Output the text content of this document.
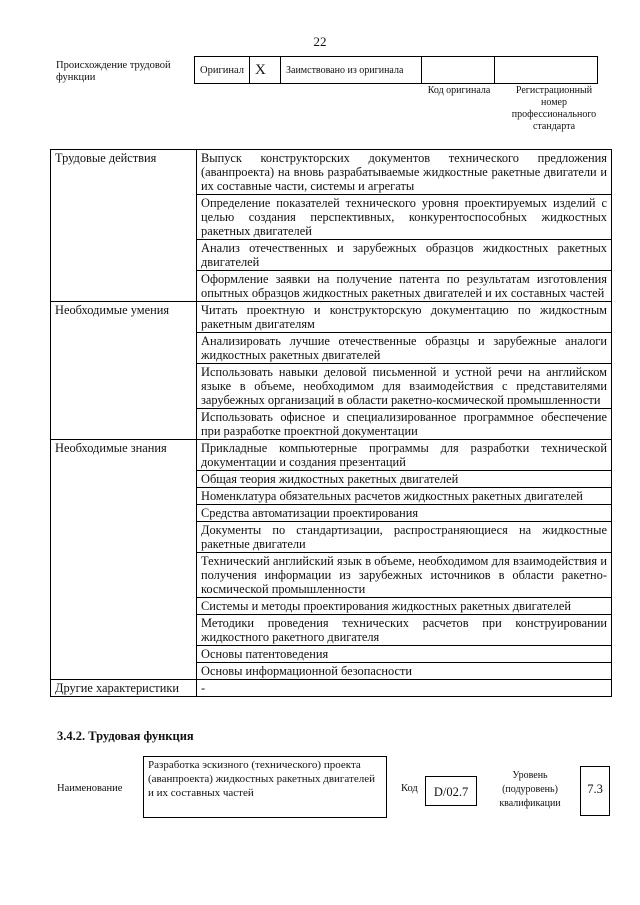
22
Происхождение трудовой функции
Оригинал	X	Заимствовано из оригинала		
Код оригинала	Регистрационный номер профессионального стандарта
Трудовые действия	Выпуск конструкторских документов технического предложения (аванпроекта) на вновь разрабатываемые жидкостные ракетные двигатели и их составные части, системы и агрегаты
	Определение показателей технического уровня проектируемых изделий с целью создания перспективных, конкурентоспособных жидкостных ракетных двигателей
	Анализ отечественных и зарубежных образцов жидкостных ракетных двигателей
	Оформление заявки на получение патента по результатам изготовления опытных образцов жидкостных ракетных двигателей и их составных частей
Необходимые умения	Читать проектную и конструкторскую документацию по жидкостным ракетным двигателям
	Анализировать лучшие отечественные образцы и зарубежные аналоги жидкостных ракетных двигателей
	Использовать навыки деловой письменной и устной речи на английском языке в объеме, необходимом для взаимодействия с представителями зарубежных организаций в области ракетно-космической промышленности
	Использовать офисное и специализированное программное обеспечение при разработке проектной документации
Необходимые знания	Прикладные компьютерные программы для разработки технической документации и создания презентаций
	Общая теория жидкостных ракетных двигателей
	Номенклатура обязательных расчетов жидкостных ракетных двигателей
	Средства автоматизации проектирования
	Документы по стандартизации, распространяющиеся на жидкостные ракетные двигатели
	Технический английский язык в объеме, необходимом для взаимодействия и получения информации из зарубежных источников в области ракетно-космической промышленности
	Системы и методы проектирования жидкостных ракетных двигателей
	Методики проведения технических расчетов при конструировании жидкостного ракетного двигателя
	Основы патентоведения
	Основы информационной безопасности
Другие характеристики	-
3.4.2. Трудовая функция
Наименование
Разработка эскизного (технического) проекта (аванпроекта) жидкостных ракетных двигателей и их составных частей	Код	D/02.7
Уровень (подуровень) квалификации
7.3
